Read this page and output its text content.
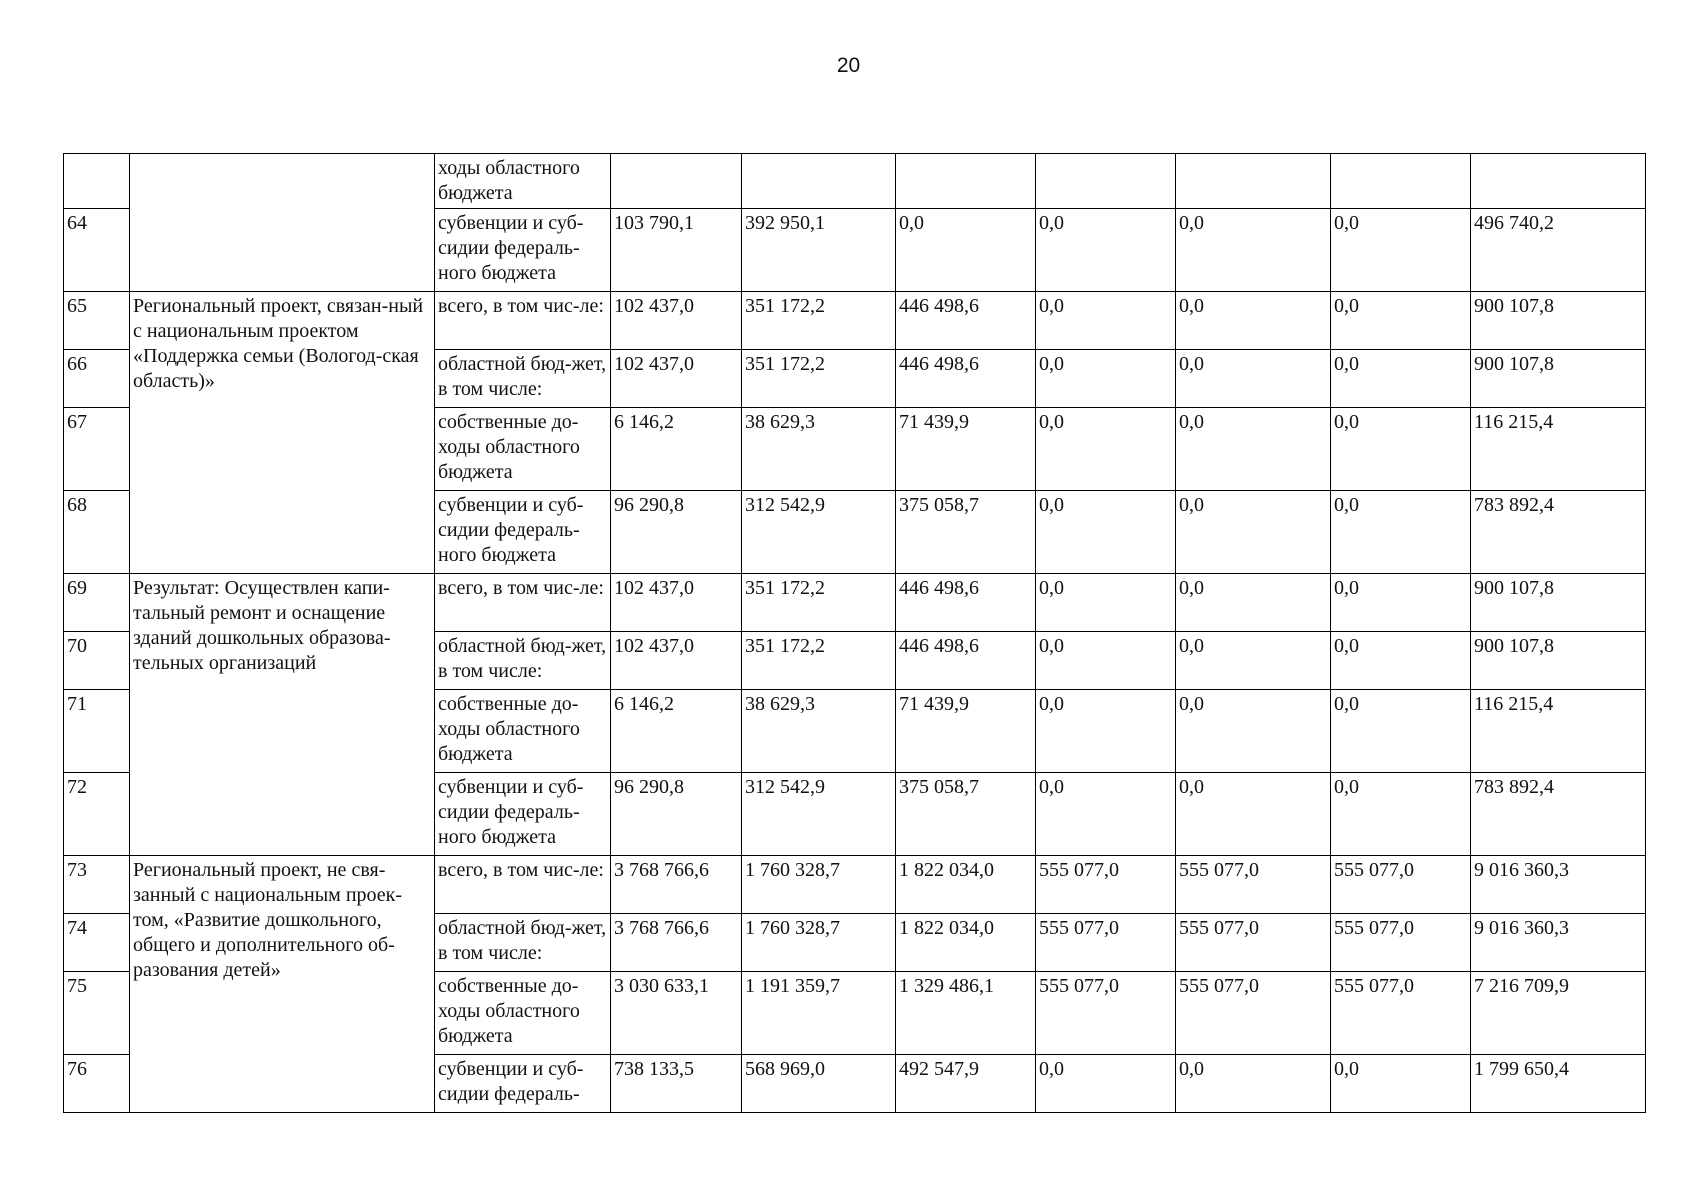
20
		ходы областного бюджета							
64		субвенции и суб-сидии федераль-ного бюджета	103 790,1	392 950,1	0,0	0,0	0,0	0,0	496 740,2
65	Региональный проект, связан-ный с национальным проектом «Поддержка семьи (Вологод-ская область)»	всего, в том чис-ле:	102 437,0	351 172,2	446 498,6	0,0	0,0	0,0	900 107,8
66		областной бюд-жет, в том числе:	102 437,0	351 172,2	446 498,6	0,0	0,0	0,0	900 107,8
67		собственные до-ходы областного бюджета	6 146,2	38 629,3	71 439,9	0,0	0,0	0,0	116 215,4
68		субвенции и суб-сидии федераль-ного бюджета	96 290,8	312 542,9	375 058,7	0,0	0,0	0,0	783 892,4
69	Результат: Осуществлен капи-тальный ремонт и оснащение зданий дошкольных образова-тельных организаций	всего, в том чис-ле:	102 437,0	351 172,2	446 498,6	0,0	0,0	0,0	900 107,8
70		областной бюд-жет, в том числе:	102 437,0	351 172,2	446 498,6	0,0	0,0	0,0	900 107,8
71		собственные до-ходы областного бюджета	6 146,2	38 629,3	71 439,9	0,0	0,0	0,0	116 215,4
72		субвенции и суб-сидии федераль-ного бюджета	96 290,8	312 542,9	375 058,7	0,0	0,0	0,0	783 892,4
73	Региональный проект, не свя-занный с национальным проек-том, «Развитие дошкольного, общего и дополнительного об-разования детей»	всего, в том чис-ле:	3 768 766,6	1 760 328,7	1 822 034,0	555 077,0	555 077,0	555 077,0	9 016 360,3
74		областной бюд-жет, в том числе:	3 768 766,6	1 760 328,7	1 822 034,0	555 077,0	555 077,0	555 077,0	9 016 360,3
75		собственные до-ходы областного бюджета	3 030 633,1	1 191 359,7	1 329 486,1	555 077,0	555 077,0	555 077,0	7 216 709,9
76		субвенции и суб-сидии федераль-	738 133,5	568 969,0	492 547,9	0,0	0,0	0,0	1 799 650,4
